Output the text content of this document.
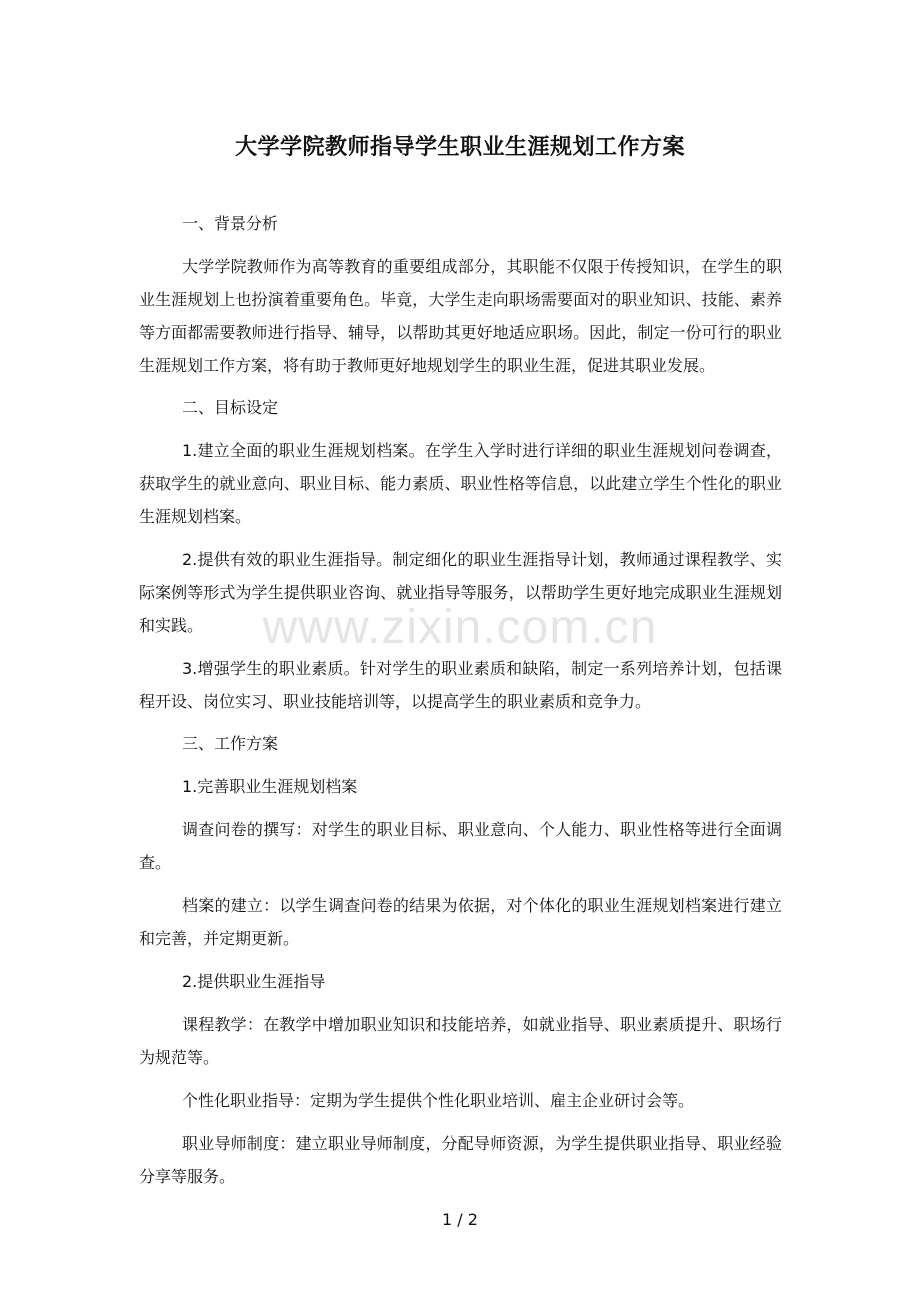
大学学院教师指导学生职业生涯规划工作方案
一、背景分析

大学学院教师作为高等教育的重要组成部分，其职能不仅限于传授知识，在学生的职业生涯规划上也扮演着重要角色。毕竟，大学生走向职场需要面对的职业知识、技能、素养等方面都需要教师进行指导、辅导，以帮助其更好地适应职场。因此，制定一份可行的职业生涯规划工作方案，将有助于教师更好地规划学生的职业生涯，促进其职业发展。

二、目标设定

1.建立全面的职业生涯规划档案。在学生入学时进行详细的职业生涯规划问卷调查，获取学生的就业意向、职业目标、能力素质、职业性格等信息，以此建立学生个性化的职业生涯规划档案。

2.提供有效的职业生涯指导。制定细化的职业生涯指导计划，教师通过课程教学、实际案例等形式为学生提供职业咨询、就业指导等服务，以帮助学生更好地完成职业生涯规划和实践。

3.增强学生的职业素质。针对学生的职业素质和缺陷，制定一系列培养计划，包括课程开设、岗位实习、职业技能培训等，以提高学生的职业素质和竞争力。

三、工作方案

1.完善职业生涯规划档案

调查问卷的撰写：对学生的职业目标、职业意向、个人能力、职业性格等进行全面调查。

档案的建立：以学生调查问卷的结果为依据，对个体化的职业生涯规划档案进行建立和完善，并定期更新。

2.提供职业生涯指导

课程教学：在教学中增加职业知识和技能培养，如就业指导、职业素质提升、职场行为规范等。

个性化职业指导：定期为学生提供个性化职业培训、雇主企业研讨会等。

职业导师制度：建立职业导师制度，分配导师资源，为学生提供职业指导、职业经验分享等服务。

www.zixin.com.cn
1 / 2
